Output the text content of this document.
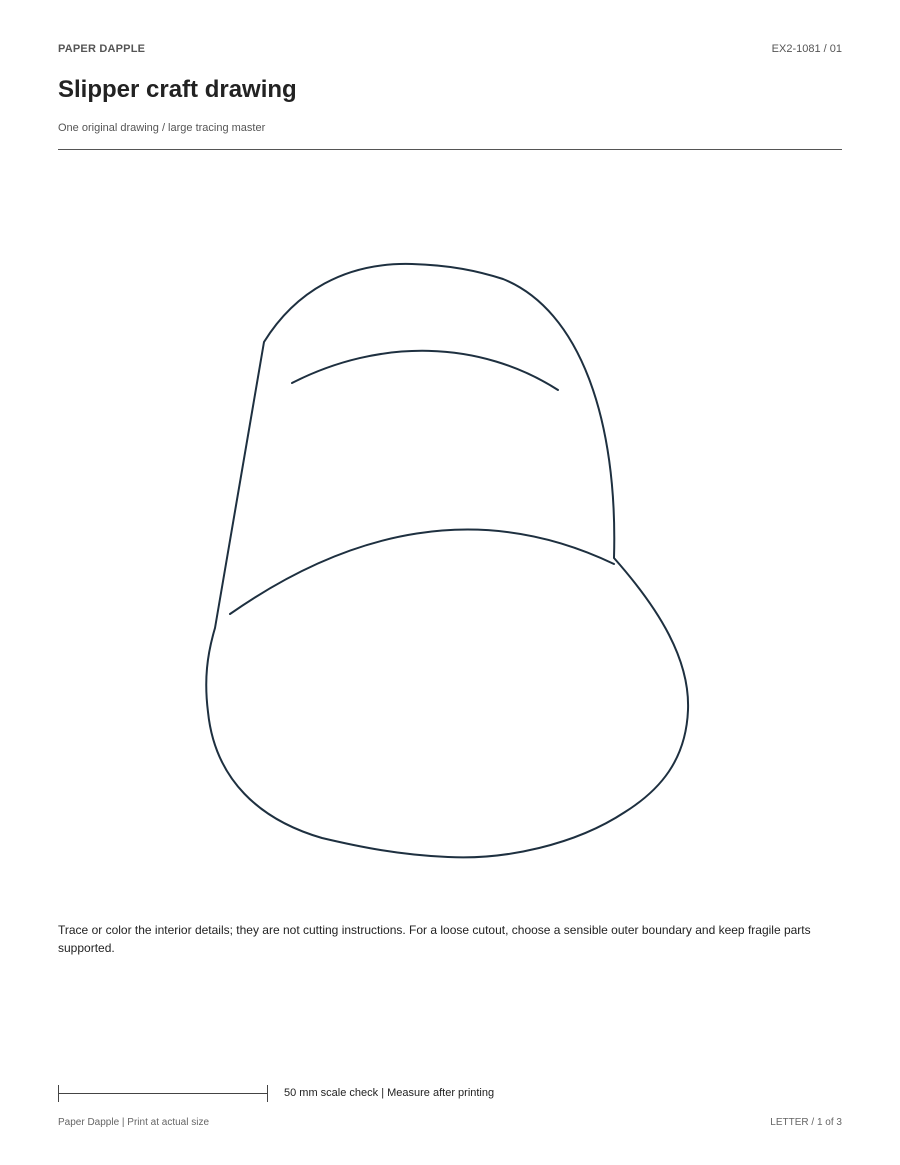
PAPER DAPPLE	EX2-1081 / 01
Slipper craft drawing
One original drawing / large tracing master
Trace or color the interior details; they are not cutting instructions. For a loose cutout, choose a sensible outer boundary and keep fragile parts supported.
50 mm scale check | Measure after printing
Paper Dapple | Print at actual size	LETTER / 1 of 3
